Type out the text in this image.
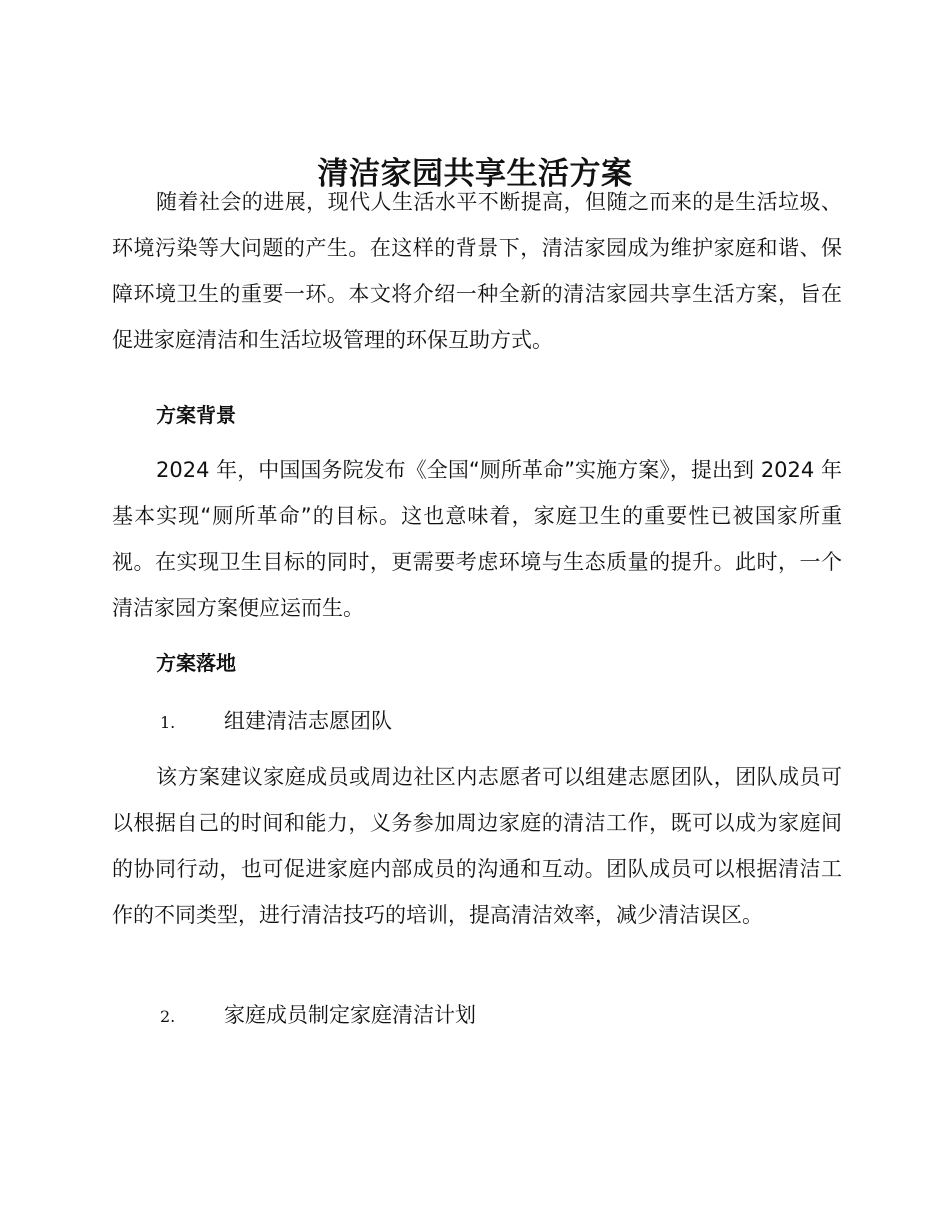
清洁家园共享生活方案

随着社会的进展，现代人生活水平不断提高，但随之而来的是生活垃圾、环境污染等大问题的产生。在这样的背景下，清洁家园成为维护家庭和谐、保障环境卫生的重要一环。本文将介绍一种全新的清洁家园共享生活方案，旨在促进家庭清洁和生活垃圾管理的环保互助方式。

方案背景

2024 年，中国国务院发布《全国“厕所革命”实施方案》，提出到 2024 年基本实现“厕所革命”的目标。这也意味着，家庭卫生的重要性已被国家所重视。在实现卫生目标的同时，更需要考虑环境与生态质量的提升。此时，一个清洁家园方案便应运而生。

方案落地
1. 组建清洁志愿团队

该方案建议家庭成员或周边社区内志愿者可以组建志愿团队，团队成员可以根据自己的时间和能力，义务参加周边家庭的清洁工作，既可以成为家庭间的协同行动，也可促进家庭内部成员的沟通和互动。团队成员可以根据清洁工作的不同类型，进行清洁技巧的培训，提高清洁效率，减少清洁误区。

2. 家庭成员制定家庭清洁计划
